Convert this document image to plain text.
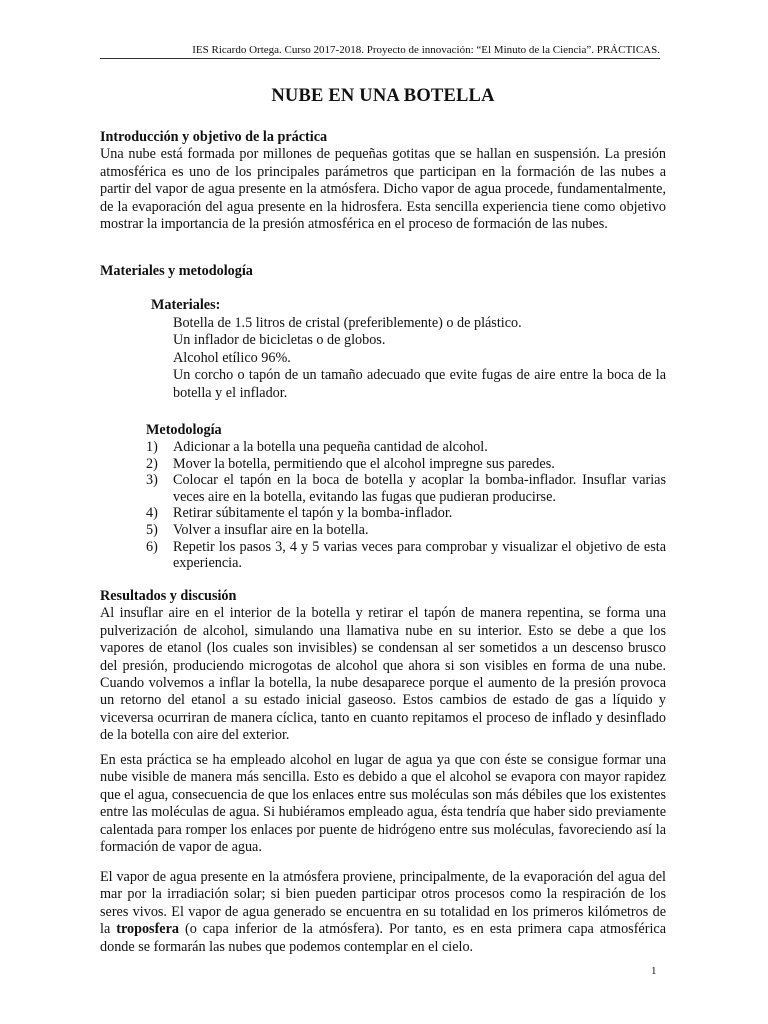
IES Ricardo Ortega. Curso 2017-2018. Proyecto de innovación: “El Minuto de la Ciencia”. PRÁCTICAS.
NUBE EN UNA BOTELLA

Introducción y objetivo de la práctica

Una nube está formada por millones de pequeñas gotitas que se hallan en suspensión. La presión atmosférica es uno de los principales parámetros que participan en la formación de las nubes a partir del vapor de agua presente en la atmósfera. Dicho vapor de agua procede, fundamentalmente, de la evaporación del agua presente en la hidrosfera. Esta sencilla experiencia tiene como objetivo mostrar la importancia de la presión atmosférica en el proceso de formación de las nubes.

Materiales y metodología

Materiales:
Botella de 1.5 litros de cristal (preferiblemente) o de plástico.
Un inflador de bicicletas o de globos.
Alcohol etílico 96%.
Un corcho o tapón de un tamaño adecuado que evite fugas de aire entre la boca de la botella y el inflador.
Metodología
1) Adicionar a la botella una pequeña cantidad de alcohol.
2) Mover la botella, permitiendo que el alcohol impregne sus paredes.
3) Colocar el tapón en la boca de botella y acoplar la bomba-inflador. Insuflar varias veces aire en la botella, evitando las fugas que pudieran producirse.
4) Retirar súbitamente el tapón y la bomba-inflador.
5) Volver a insuflar aire en la botella.
6) Repetir los pasos 3, 4 y 5 varias veces para comprobar y visualizar el objetivo de esta experiencia.

Resultados y discusión

Al insuflar aire en el interior de la botella y retirar el tapón de manera repentina, se forma una pulverización de alcohol, simulando una llamativa nube en su interior. Esto se debe a que los vapores de etanol (los cuales son invisibles) se condensan al ser sometidos a un descenso brusco del presión, produciendo microgotas de alcohol que ahora si son visibles en forma de una nube. Cuando volvemos a inflar la botella, la nube desaparece porque el aumento de la presión provoca un retorno del etanol a su estado inicial gaseoso. Estos cambios de estado de gas a líquido y viceversa ocurriran de manera cíclica, tanto en cuanto repitamos el proceso de inflado y desinflado de la botella con aire del exterior.

En esta práctica se ha empleado alcohol en lugar de agua ya que con éste se consigue formar una nube visible de manera más sencilla. Esto es debido a que el alcohol se evapora con mayor rapidez que el agua, consecuencia de que los enlaces entre sus moléculas son más débiles que los existentes entre las moléculas de agua. Si hubiéramos empleado agua, ésta tendría que haber sido previamente calentada para romper los enlaces por puente de hidrógeno entre sus moléculas, favoreciendo así la formación de vapor de agua.

El vapor de agua presente en la atmósfera proviene, principalmente, de la evaporación del agua del mar por la irradiación solar; si bien pueden participar otros procesos como la respiración de los seres vivos. El vapor de agua generado se encuentra en su totalidad en los primeros kilómetros de la troposfera (o capa inferior de la atmósfera). Por tanto, es en esta primera capa atmosférica donde se formarán las nubes que podemos contemplar en el cielo.

1
